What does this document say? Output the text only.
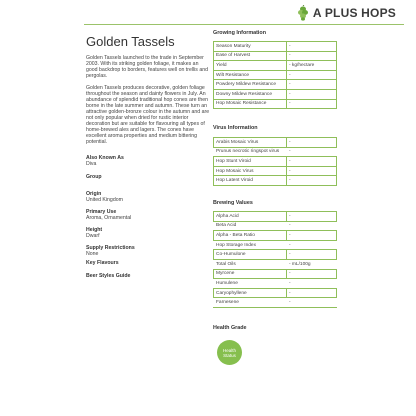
A PLUS HOPS
Golden Tassels

Golden Tassels launched to the trade in September 2003. With its striking golden foliage, it makes an good backdrop to borders, features well on trellis and pergolas.

Golden Tassels produces decorative, golden foliage throughout the season and dainty flowers in July. An abundance of splendid traditional hop cones are then borne in the late summer and autumn. These turn an attractive golden-bronze colour in the autumn and are not only popular when dried for rustic interior decoration but are suitable for flavouring all types of home-brewed ales and lagers. The cones have excellent aroma properties and medium bittering potential.

Also Known As
Diva
Group
Origin
United Kingdom
Primary Use
Aroma, Ornamental
Height
Dwarf
Supply Restrictions
None
Key Flavours
Beer Styles Guide
Growing Information
Season Maturity	-
Ease of Harvest	-
Yield	- kg/hectare
Wilt Resistance	-
Powdery Mildew Resistance	-
Downy Mildew Resistance	-
Hop Mosaic Resistance	-
Virus Information
Arabis Mosaic Virus	-
Prunus necrotic ringspot virus	-
Hop Stunt Viroid	-
Hop Mosaic Virus	-
Hop Latent Viroid	-
Brewing Values
Alpha Acid	-
Beta Acid	-
Alpha - Beta Ratio	-
Hop Storage Index	-
Co-Humulone	-
Total Oils	- mL/100g
Myrcene	-
Humulene	-
Caryophyllene	-
Farnesene	-
Health Grade
Health Status
